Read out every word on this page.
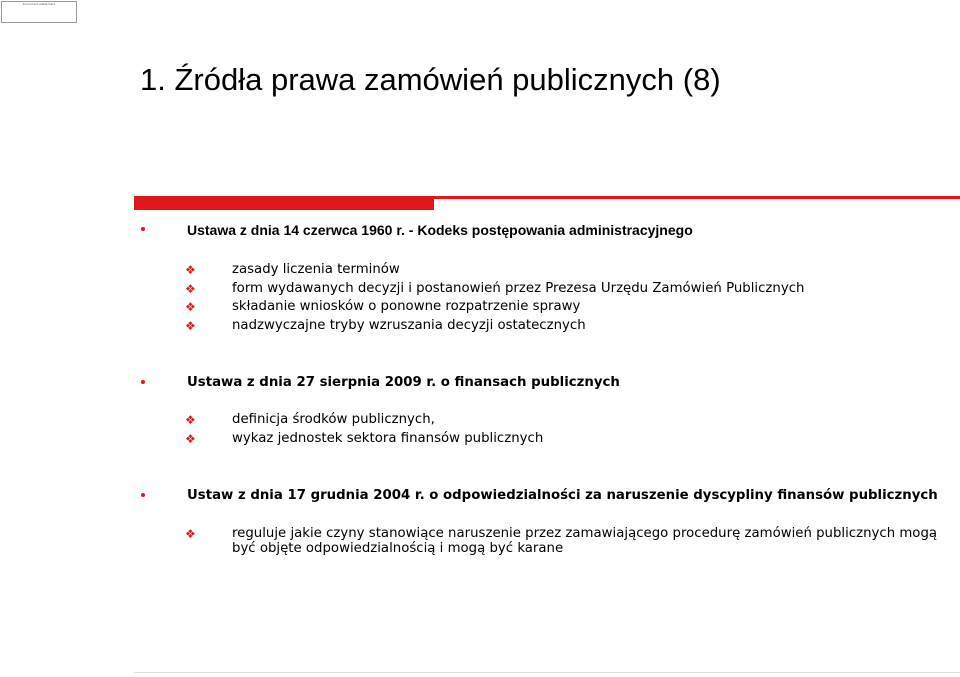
Document watermark
1. Źródła prawa zamówień publicznych (8)
Ustawa z dnia 14 czerwca 1960 r. - Kodeks postępowania administracyjnego
❖	zasady liczenia terminów
❖	form wydawanych decyzji i postanowień przez Prezesa Urzędu Zamówień Publicznych
❖	składanie wniosków o ponowne rozpatrzenie sprawy
❖	nadzwyczajne tryby wzruszania decyzji ostatecznych
Ustawa z dnia 27 sierpnia 2009 r. o finansach publicznych
❖	definicja środków publicznych,
❖	wykaz jednostek sektora finansów publicznych
Ustaw z dnia 17 grudnia 2004 r. o odpowiedzialności za naruszenie dyscypliny finansów publicznych
❖	reguluje jakie czyny stanowiące naruszenie przez zamawiającego procedurę zamówień publicznych mogą
być objęte odpowiedzialnością i mogą być karane
